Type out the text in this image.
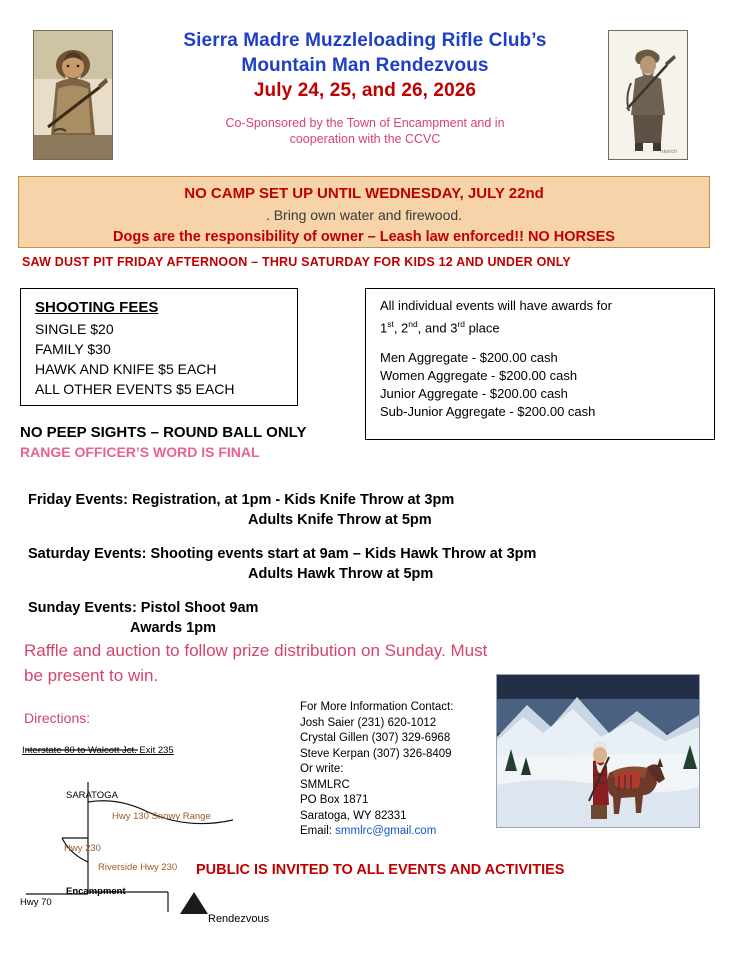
Sierra Madre Muzzleloading Rifle Club’s
Mountain Man Rendezvous
July 24, 25, and 26, 2026
Co-Sponsored by the Town of Encampment and in
cooperation with the CCVC
sketch
NO CAMP SET UP UNTIL WEDNESDAY, JULY 22nd
. Bring own water and firewood.
Dogs are the responsibility of owner – Leash law enforced!! NO HORSES
SAW DUST PIT FRIDAY AFTERNOON – THRU SATURDAY FOR KIDS 12 AND UNDER ONLY
SHOOTING FEES
SINGLE $20
FAMILY $30
HAWK AND KNIFE $5 EACH
ALL OTHER EVENTS $5 EACH
All individual events will have awards for
1st, 2nd, and 3rd place
Men Aggregate - $200.00 cash
Women Aggregate - $200.00 cash
Junior Aggregate - $200.00 cash
Sub-Junior Aggregate - $200.00 cash
NO PEEP SIGHTS – ROUND BALL ONLY
RANGE OFFICER’S WORD IS FINAL
Friday Events: Registration, at 1pm - Kids Knife Throw at 3pm
Adults Knife Throw at 5pm
Saturday Events: Shooting events start at 9am – Kids Hawk Throw at 3pm
Adults Hawk Throw at 5pm
Sunday Events: Pistol Shoot 9am
Awards 1pm
Raffle and auction to follow prize distribution on Sunday. Must be present to win.
Directions:
Interstate 80 to Walcott Jct. Exit 235
SARATOGA
Hwy 130 Snowy Range
Hwy 230
Riverside Hwy 230
Encampment
Hwy 70
Rendezvous
For More Information Contact:
Josh Saier (231) 620-1012
Crystal Gillen (307) 329-6968
Steve Kerpan (307) 326-8409
Or write:
SMMLRC
PO Box 1871
Saratoga, WY 82331
Email: smmlrc@gmail.com
PUBLIC IS INVITED TO ALL EVENTS AND ACTIVITIES
